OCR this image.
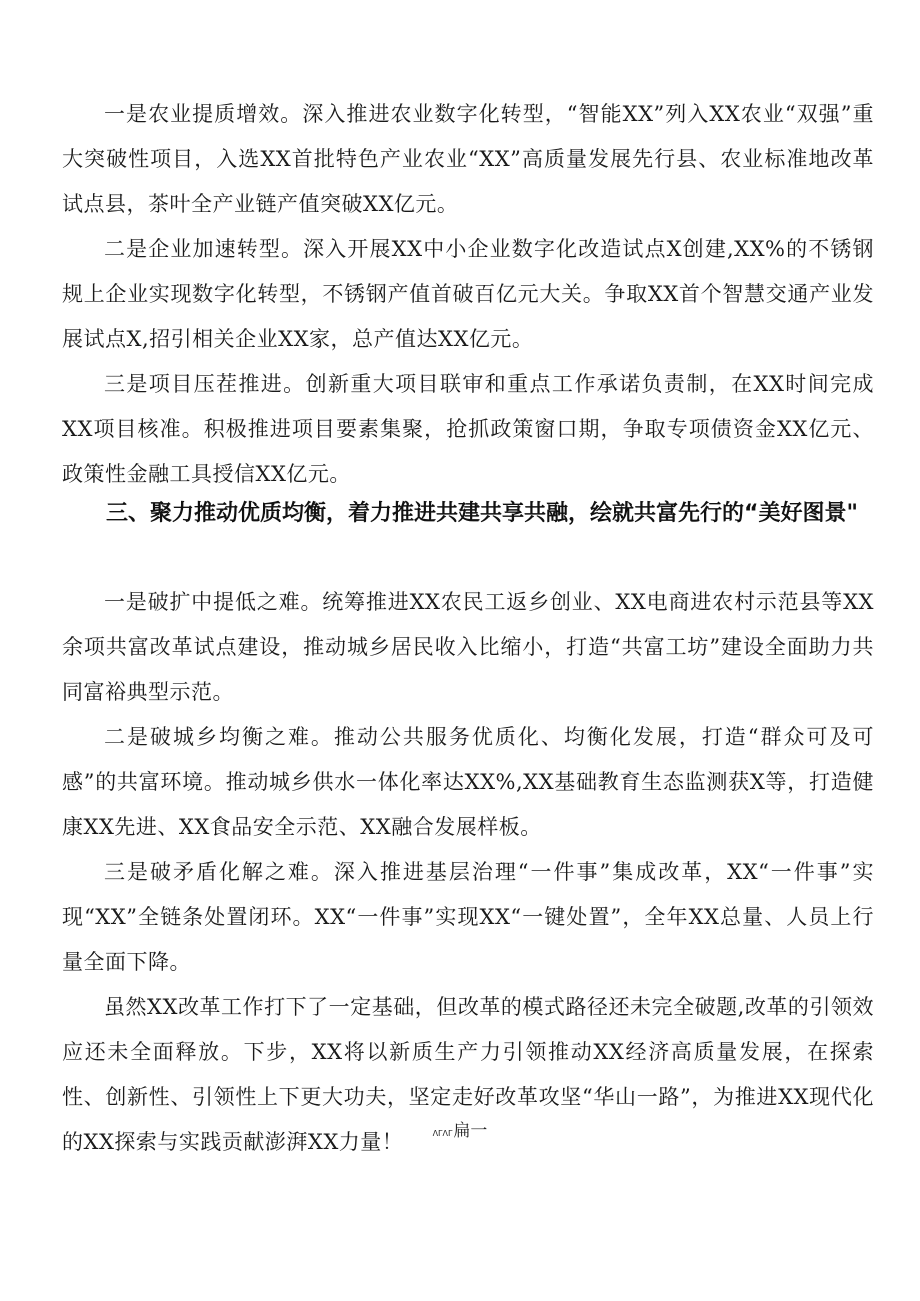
一是农业提质增效。深入推进农业数字化转型，“智能XX”列入XX农业“双强”重大突破性项目，入选XX首批特色产业农业“XX”高质量发展先行县、农业标准地改革试点县，茶叶全产业链产值突破XX亿元。

二是企业加速转型。深入开展XX中小企业数字化改造试点X创建,XX%的不锈钢规上企业实现数字化转型，不锈钢产值首破百亿元大关。争取XX首个智慧交通产业发展试点X,招引相关企业XX家，总产值达XX亿元。

三是项目压茬推进。创新重大项目联审和重点工作承诺负责制，在XX时间完成XX项目核准。积极推进项目要素集聚，抢抓政策窗口期，争取专项债资金XX亿元、政策性金融工具授信XX亿元。

三、聚力推动优质均衡，着力推进共建共享共融，绘就共富先行的“美好图景"

一是破扩中提低之难。统筹推进XX农民工返乡创业、XX电商进农村示范县等XX余项共富改革试点建设，推动城乡居民收入比缩小，打造“共富工坊”建设全面助力共同富裕典型示范。

二是破城乡均衡之难。推动公共服务优质化、均衡化发展，打造“群众可及可感”的共富环境。推动城乡供水一体化率达XX%,XX基础教育生态监测获X等，打造健康XX先进、XX食品安全示范、XX融合发展样板。

三是破矛盾化解之难。深入推进基层治理“一件事”集成改革，XX“一件事”实现“XX”全链条处置闭环。XX“一件事”实现XX“一键处置”，全年XX总量、人员上行量全面下降。

虽然XX改革工作打下了一定基础，但改革的模式路径还未完全破题,改革的引领效应还未全面释放。下步，XX将以新质生产力引领推动XX经济高质量发展，在探索性、创新性、引领性上下更大功夫，坚定走好改革攻坚“华山一路”，为推进XX现代化的XX探索与实践贡献澎湃XX力量！	ΛΓΛΓ扁一
